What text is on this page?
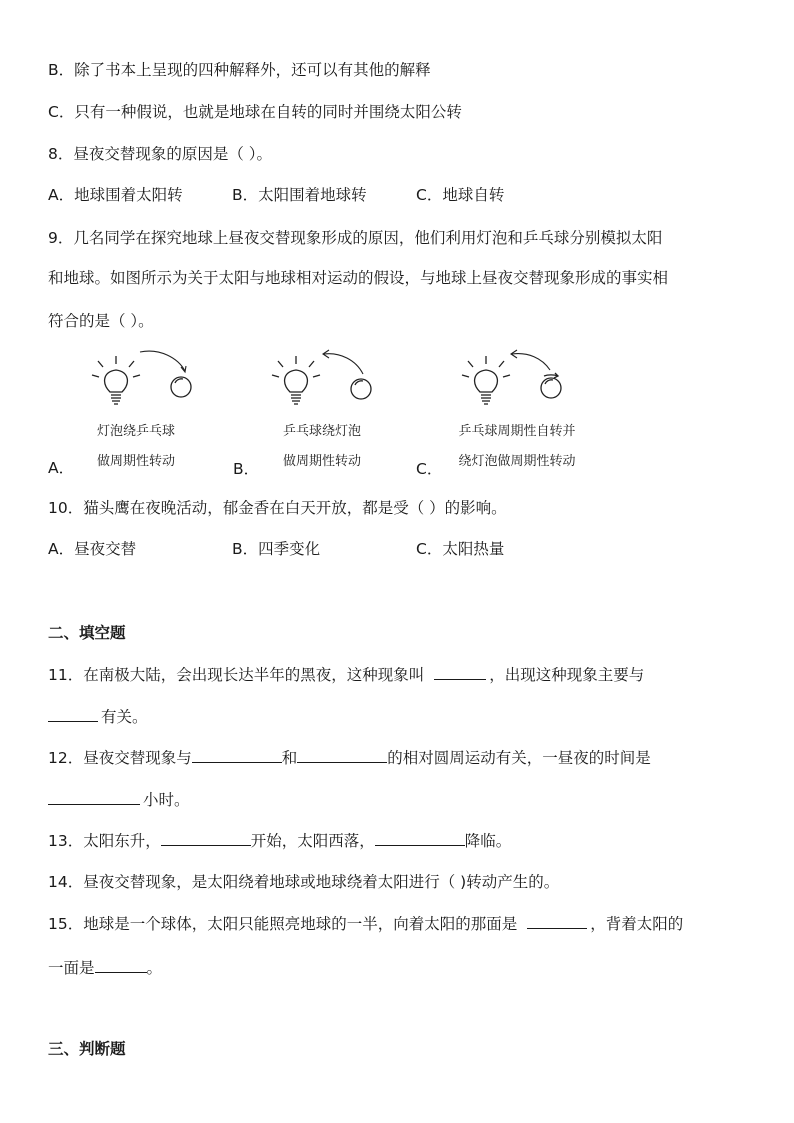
B．除了书本上呈现的四种解释外，还可以有其他的解释
C．只有一种假说，也就是地球在自转的同时并围绕太阳公转
8．昼夜交替现象的原因是（ ）。
A．地球围着太阳转	B．太阳围着地球转	C．地球自转
9．几名同学在探究地球上昼夜交替现象形成的原因，他们利用灯泡和乒乓球分别模拟太阳
和地球。如图所示为关于太阳与地球相对运动的假设，与地球上昼夜交替现象形成的事实相
符合的是（ ）。
A．
灯泡绕乒乓球
做周期性转动	B．
乒乓球绕灯泡
做周期性转动	C．
乒乓球周期性自转并
绕灯泡做周期性转动
10．猫头鹰在夜晚活动，郁金香在白天开放，都是受（ ）的影响。
A．昼夜交替	B．四季变化	C．太阳热量
二、填空题
11．在南极大陆，会出现长达半年的黑夜，这种现象叫	，出现这种现象主要与
有关。
12．昼夜交替现象与	和	的相对圆周运动有关，一昼夜的时间是
小时。
13．太阳东升，	开始，太阳西落，	降临。
14．昼夜交替现象，是太阳绕着地球或地球绕着太阳进行（ )转动产生的。
15．地球是一个球体，太阳只能照亮地球的一半，向着太阳的那面是	，背着太阳的
一面是	。
三、判断题
